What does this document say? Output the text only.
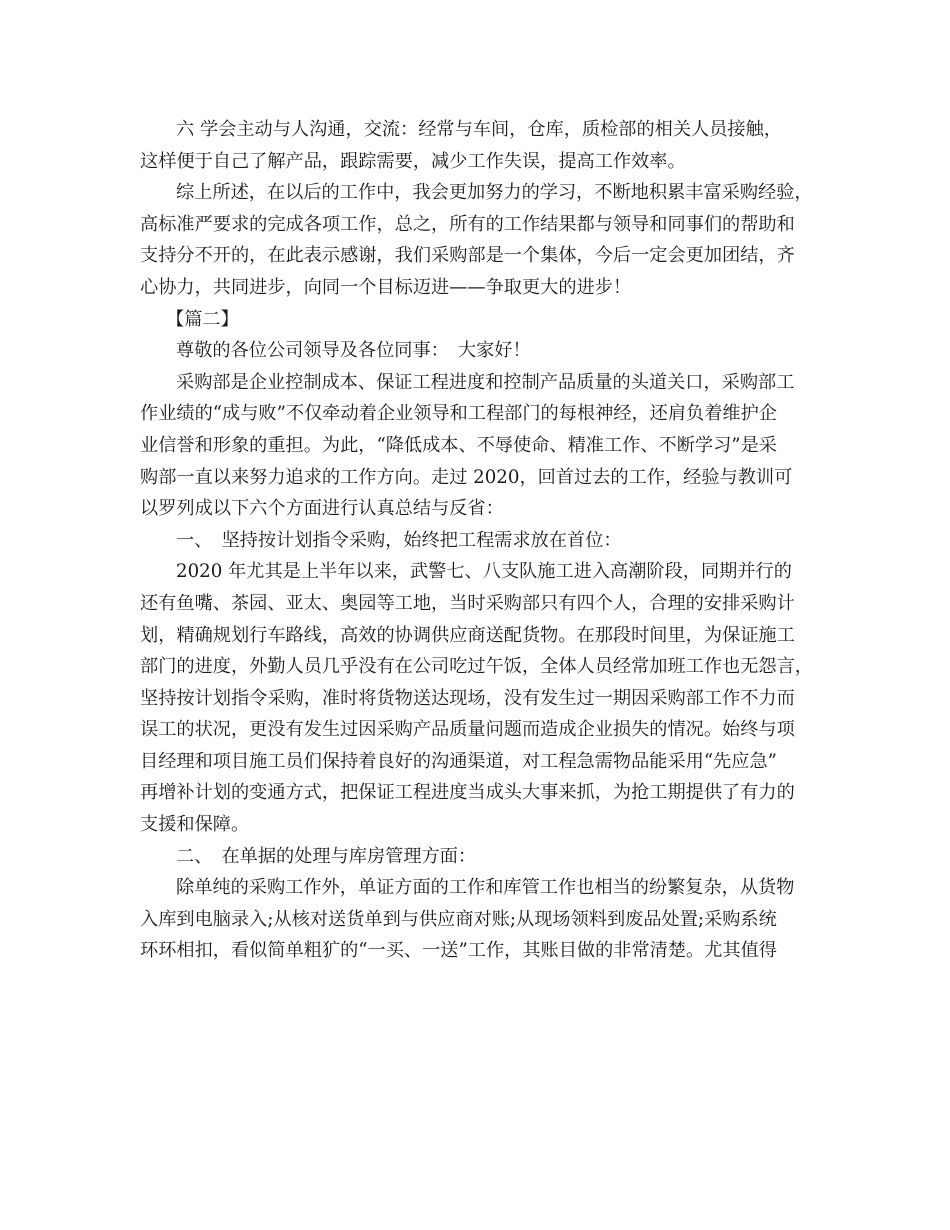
六 学会主动与人沟通，交流：经常与车间，仓库，质检部的相关人员接触，
这样便于自己了解产品，跟踪需要，减少工作失误，提高工作效率。
综上所述，在以后的工作中，我会更加努力的学习，不断地积累丰富采购经验，
高标准严要求的完成各项工作，总之，所有的工作结果都与领导和同事们的帮助和
支持分不开的，在此表示感谢，我们采购部是一个集体，今后一定会更加团结，齐
心协力，共同进步，向同一个目标迈进——争取更大的进步！
【篇二】
尊敬的各位公司领导及各位同事：　大家好！
采购部是企业控制成本、保证工程进度和控制产品质量的头道关口，采购部工
作业绩的“成与败”不仅牵动着企业领导和工程部门的每根神经，还肩负着维护企
业信誉和形象的重担。为此，“降低成本、不辱使命、精准工作、不断学习”是采
购部一直以来努力追求的工作方向。走过 2020，回首过去的工作，经验与教训可
以罗列成以下六个方面进行认真总结与反省：
一、　坚持按计划指令采购，始终把工程需求放在首位：
2020 年尤其是上半年以来，武警七、八支队施工进入高潮阶段，同期并行的
还有鱼嘴、茶园、亚太、奥园等工地，当时采购部只有四个人，合理的安排采购计
划，精确规划行车路线，高效的协调供应商送配货物。在那段时间里，为保证施工
部门的进度，外勤人员几乎没有在公司吃过午饭，全体人员经常加班工作也无怨言，
坚持按计划指令采购，准时将货物送达现场，没有发生过一期因采购部工作不力而
误工的状况，更没有发生过因采购产品质量问题而造成企业损失的情况。始终与项
目经理和项目施工员们保持着良好的沟通渠道，对工程急需物品能采用“先应急”
再增补计划的变通方式，把保证工程进度当成头大事来抓，为抢工期提供了有力的
支援和保障。
二、　在单据的处理与库房管理方面：
除单纯的采购工作外，单证方面的工作和库管工作也相当的纷繁复杂，从货物
入库到电脑录入;从核对送货单到与供应商对账;从现场领料到废品处置;采购系统
环环相扣，看似简单粗犷的“一买、一送”工作，其账目做的非常清楚。尤其值得
